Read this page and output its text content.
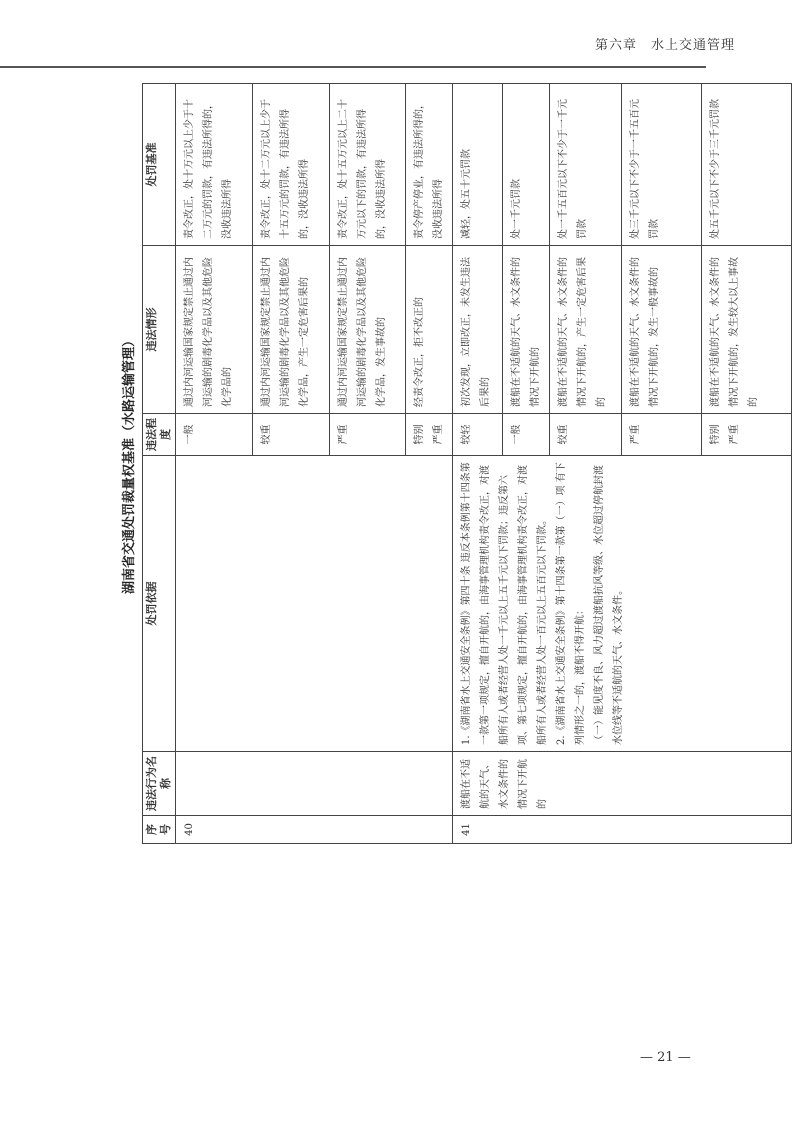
第六章　水上交通管理
湖南省交通处罚裁量权基准（水路运输管理）
序号	违法行为名称	处罚依据	违法程度	违法情形	处罚基准
40			一般	通过内河运输国家规定禁止通过内河运输的剧毒化学品以及其他危险化学品的	责令改正，处十万元以上少于十二万元的罚款，有违法所得的，没收违法所得
			较重	通过内河运输国家规定禁止通过内河运输的剧毒化学品以及其他危险化学品，产生一定危害后果的	责令改正，处十二万元以上少于十五万元的罚款，有违法所得的，没收违法所得
			严重	通过内河运输国家规定禁止通过内河运输的剧毒化学品以及其他危险化学品，发生事故的	责令改正，处十五万元以上二十万元以下的罚款，有违法所得的，没收违法所得
			特别严重	经责令改正，拒不改正的	责令停产停业，有违法所得的，没收违法所得
41	渡船在不适航的天气、水文条件的情况下开航的	1.《湖南省水上交通安全条例》第四十条 违反本条例第十四条第一款第一项规定，擅自开航的，由海事管理机构责令改正，对渡船所有人或者经营人处一千元以上五千元以下罚款；违反第六项、第七项规定，擅自开航的，由海事管理机构责令改正，对渡船所有人或者经营人处一百元以上五百元以下罚款。 2.《湖南省水上交通安全条例》第十四条第一款第（一）项 有下列情形之一的，渡船不得开航： （一）能见度不良、风力超过渡船抗风等级、水位超过停航封渡水位线等不适航的天气、水文条件。	较轻	初次发现，立即改正，未发生违法后果的	减轻，处五十元罚款
			一般	渡船在不适航的天气、水文条件的情况下开航的	处一千元罚款
			较重	渡船在不适航的天气、水文条件的情况下开航的，产生一定危害后果的	处一千五百元以下不少于一千元罚款
			严重	渡船在不适航的天气、水文条件的情况下开航的，发生一般事故的	处三千元以下不少于一千五百元罚款
			特别严重	渡船在不适航的天气、水文条件的情况下开航的，发生较大以上事故的	处五千元以下不少于三千元罚款
— 21 —
